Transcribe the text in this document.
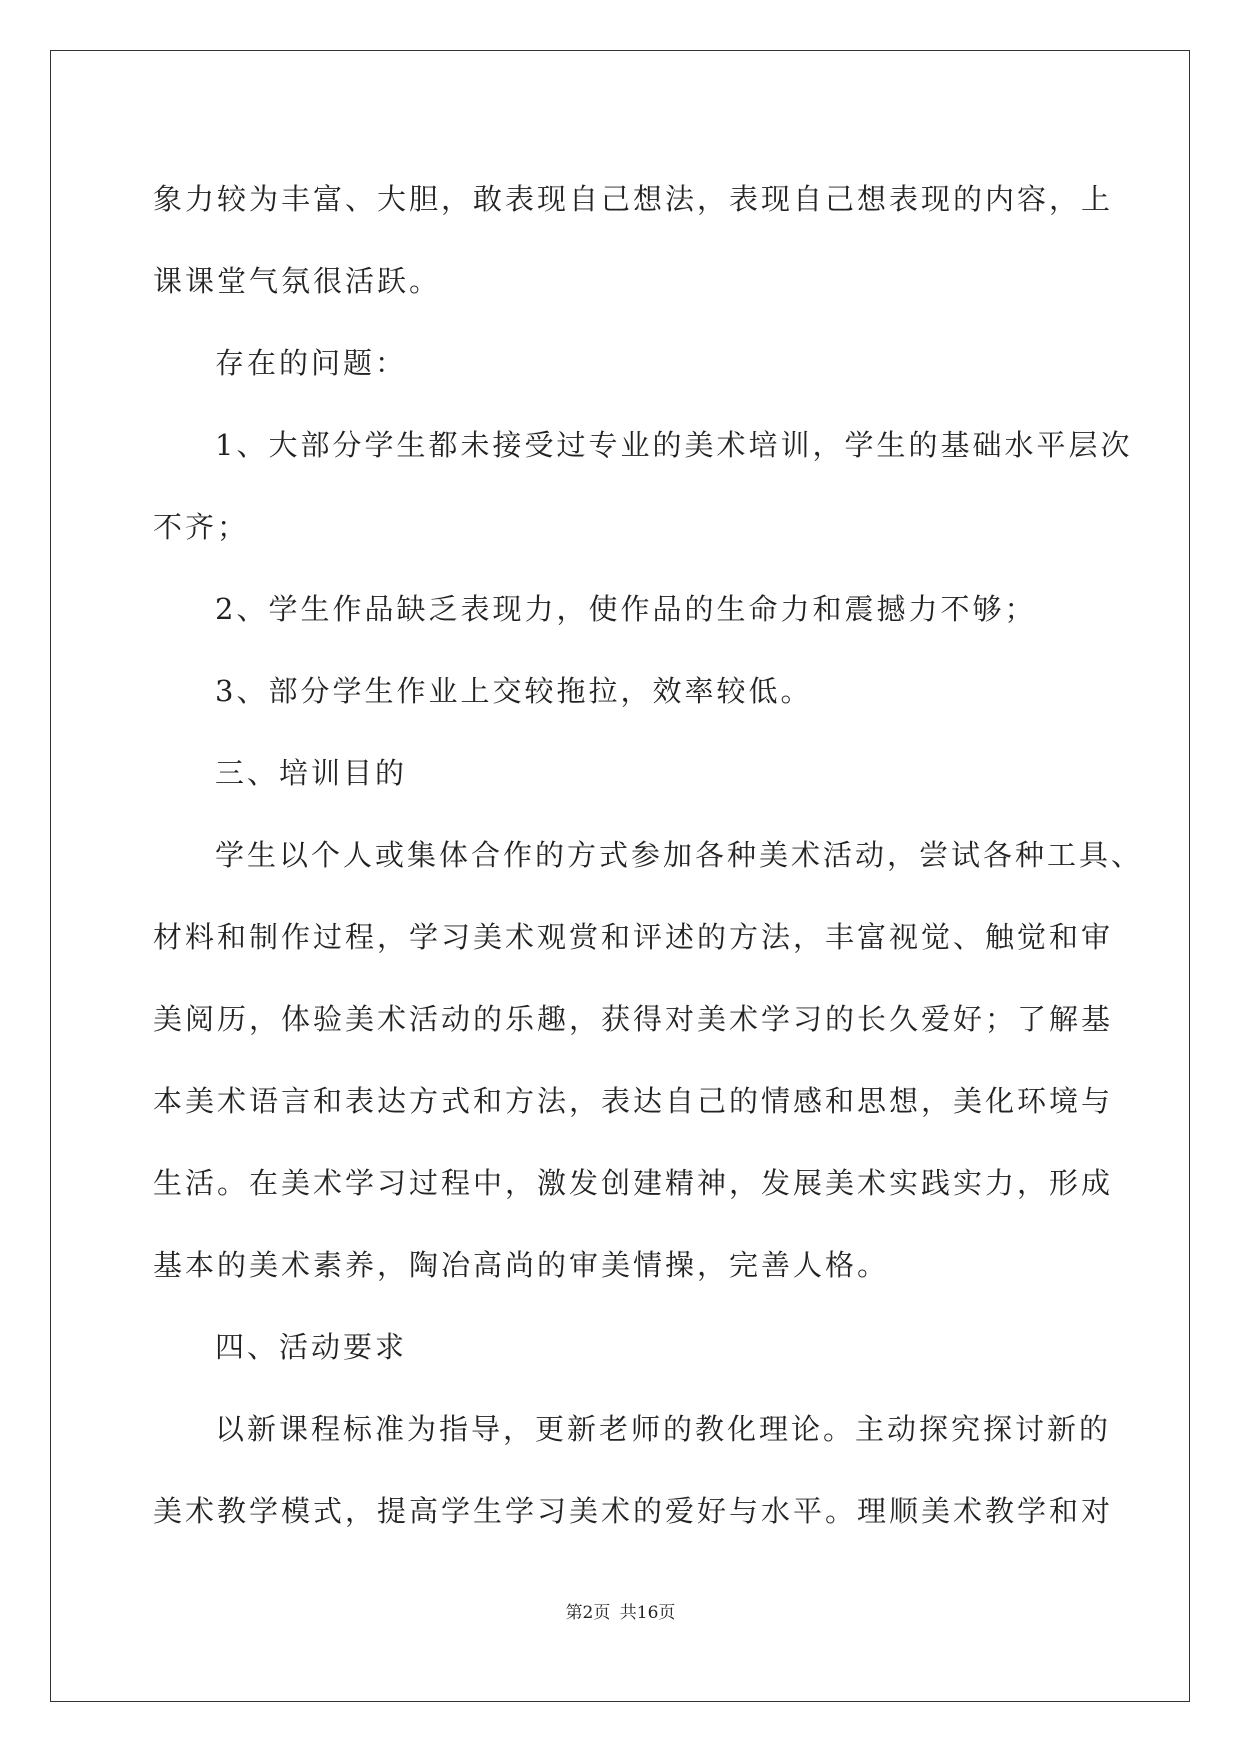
象力较为丰富、大胆，敢表现自己想法，表现自己想表现的内容，上
课课堂气氛很活跃。
存在的问题：
1、大部分学生都未接受过专业的美术培训，学生的基础水平层次
不齐；
2、学生作品缺乏表现力，使作品的生命力和震撼力不够；
3、部分学生作业上交较拖拉，效率较低。
三、培训目的
学生以个人或集体合作的方式参加各种美术活动，尝试各种工具、
材料和制作过程，学习美术观赏和评述的方法，丰富视觉、触觉和审
美阅历，体验美术活动的乐趣，获得对美术学习的长久爱好；了解基
本美术语言和表达方式和方法，表达自己的情感和思想，美化环境与
生活。在美术学习过程中，激发创建精神，发展美术实践实力，形成
基本的美术素养，陶冶高尚的审美情操，完善人格。
四、活动要求
以新课程标准为指导，更新老师的教化理论。主动探究探讨新的
美术教学模式，提高学生学习美术的爱好与水平。理顺美术教学和对
第2页 共16页
